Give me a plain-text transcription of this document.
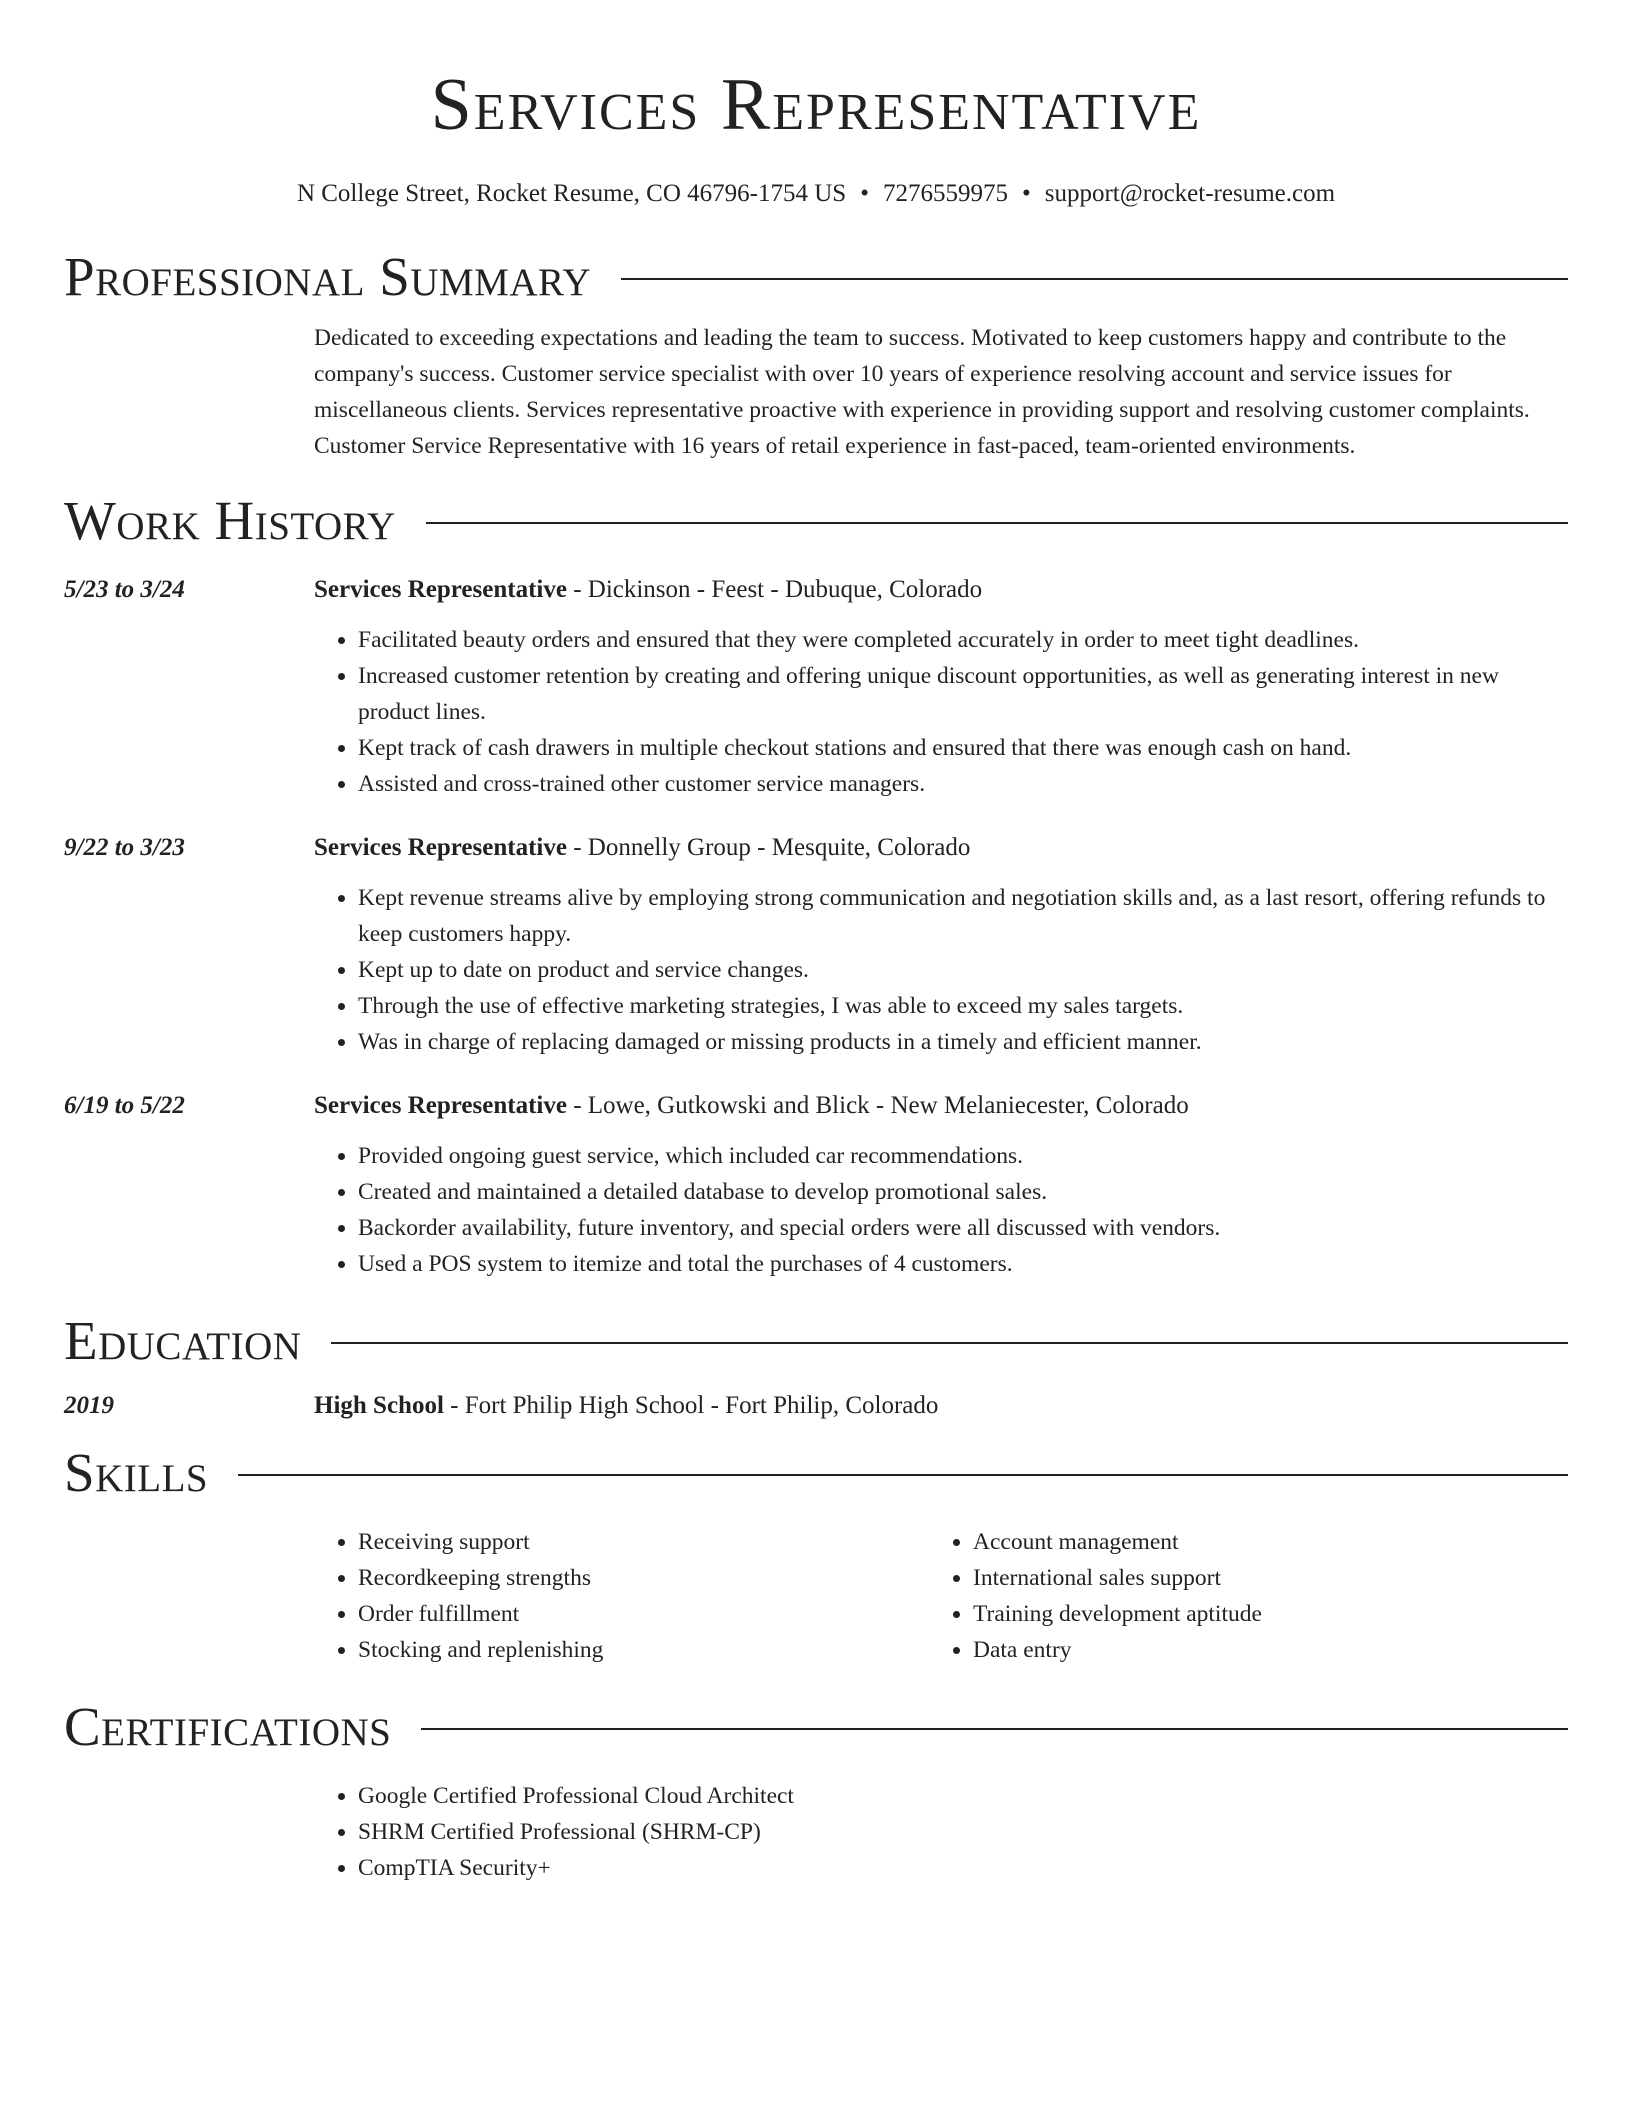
Services Representative
N College Street, Rocket Resume, CO 46796-1754 US • 7276559975 • support@rocket-resume.com
Professional Summary
Dedicated to exceeding expectations and leading the team to success. Motivated to keep customers happy and contribute to the company's success. Customer service specialist with over 10 years of experience resolving account and service issues for miscellaneous clients. Services representative proactive with experience in providing support and resolving customer complaints. Customer Service Representative with 16 years of retail experience in fast-paced, team-oriented environments.
Work History
5/23 to 3/24	Services Representative - Dickinson - Feest - Dubuque, Colorado
• Facilitated beauty orders and ensured that they were completed accurately in order to meet tight deadlines.
• Increased customer retention by creating and offering unique discount opportunities, as well as generating interest in new product lines.
• Kept track of cash drawers in multiple checkout stations and ensured that there was enough cash on hand.
• Assisted and cross-trained other customer service managers.
9/22 to 3/23	Services Representative - Donnelly Group - Mesquite, Colorado
• Kept revenue streams alive by employing strong communication and negotiation skills and, as a last resort, offering refunds to keep customers happy.
• Kept up to date on product and service changes.
• Through the use of effective marketing strategies, I was able to exceed my sales targets.
• Was in charge of replacing damaged or missing products in a timely and efficient manner.
6/19 to 5/22	Services Representative - Lowe, Gutkowski and Blick - New Melaniecester, Colorado
• Provided ongoing guest service, which included car recommendations.
• Created and maintained a detailed database to develop promotional sales.
• Backorder availability, future inventory, and special orders were all discussed with vendors.
• Used a POS system to itemize and total the purchases of 4 customers.
Education
2019	High School - Fort Philip High School - Fort Philip, Colorado
Skills
• Receiving support
• Recordkeeping strengths
• Order fulfillment
• Stocking and replenishing
• Account management
• International sales support
• Training development aptitude
• Data entry
Certifications
• Google Certified Professional Cloud Architect
• SHRM Certified Professional (SHRM-CP)
• CompTIA Security+
